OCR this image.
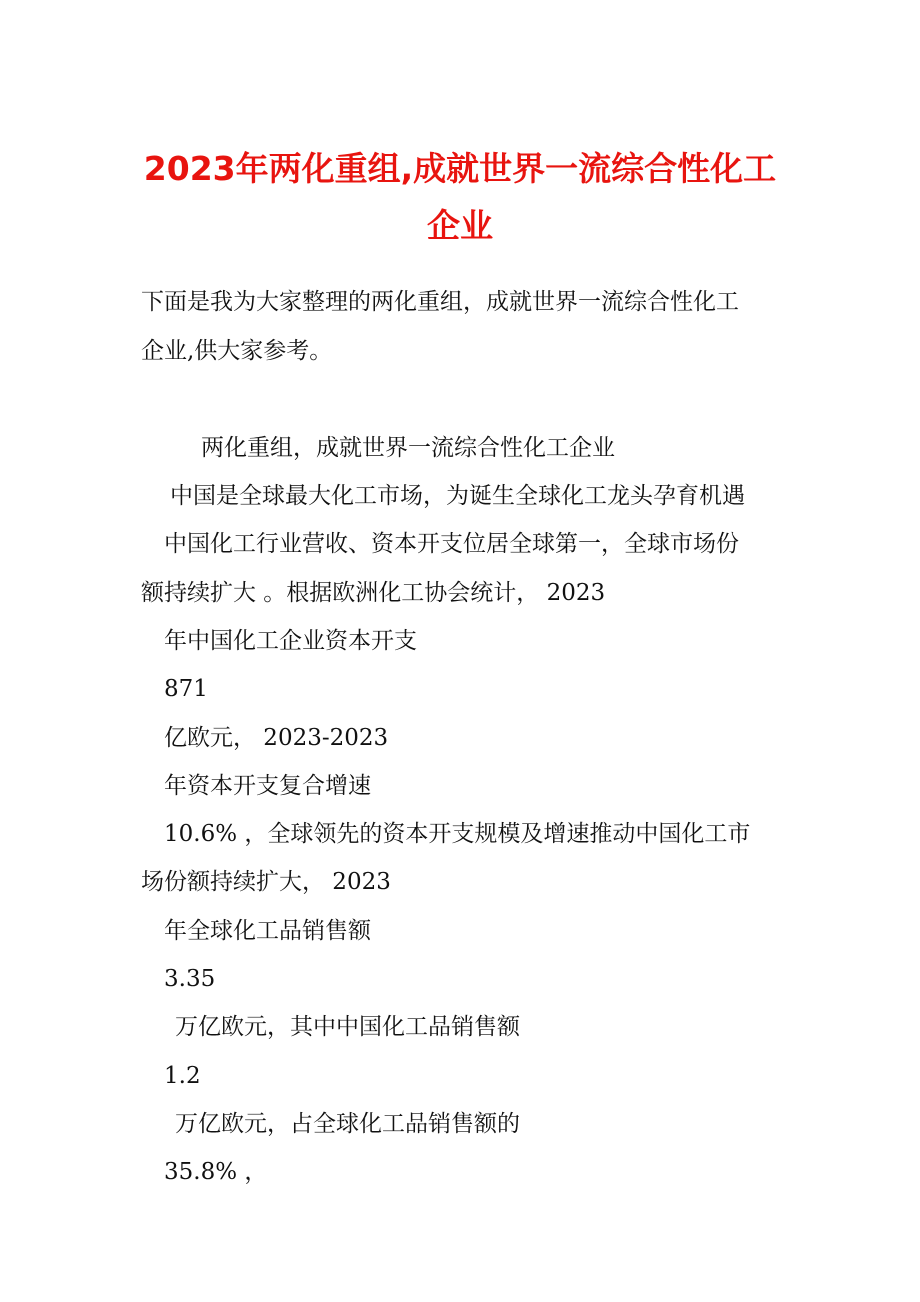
2023年两化重组,成就世界一流综合性化工
企业
下面是我为大家整理的两化重组，成就世界一流综合性化工
企业,供大家参考。
两化重组，成就世界一流综合性化工企业
中国是全球最大化工市场，为诞生全球化工龙头孕育机遇
中国化工行业营收、资本开支位居全球第一，全球市场份
额持续扩大 。根据欧洲化工协会统计， 2023
年中国化工企业资本开支
871
亿欧元， 2023-2023
年资本开支复合增速
10.6% ，全球领先的资本开支规模及增速推动中国化工市
场份额持续扩大， 2023
年全球化工品销售额
3.35
万亿欧元，其中中国化工品销售额
1.2
万亿欧元，占全球化工品销售额的
35.8% ，
